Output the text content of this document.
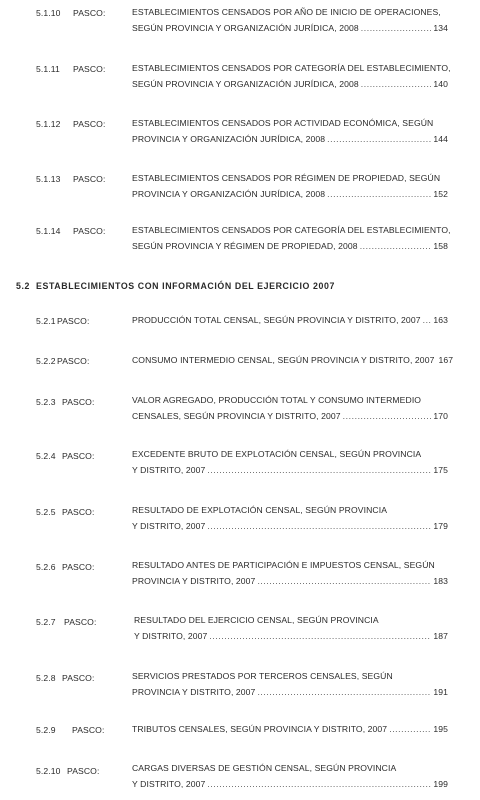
5.1.10 PASCO:	ESTABLECIMIENTOS CENSADOS POR AÑO DE INICIO DE OPERACIONES,
SEGÚN PROVINCIA Y ORGANIZACIÓN JURÍDICA, 2008 .....	134
5.1.11 PASCO:	ESTABLECIMIENTOS CENSADOS POR CATEGORÍA DEL ESTABLECIMIENTO,
SEGÚN PROVINCIA Y ORGANIZACIÓN JURÍDICA, 2008 .....	140
5.1.12 PASCO:	ESTABLECIMIENTOS CENSADOS POR ACTIVIDAD ECONÓMICA, SEGÚN
PROVINCIA Y ORGANIZACIÓN JURÍDICA, 2008 .....	144
5.1.13 PASCO:	ESTABLECIMIENTOS CENSADOS POR RÉGIMEN DE PROPIEDAD, SEGÚN
PROVINCIA Y ORGANIZACIÓN JURÍDICA, 2008 .....	152
5.1.14 PASCO:	ESTABLECIMIENTOS CENSADOS POR CATEGORÍA DEL ESTABLECIMIENTO,
SEGÚN PROVINCIA Y RÉGIMEN DE PROPIEDAD, 2008 .....	158
5.2 ESTABLECIMIENTOS CON INFORMACIÓN DEL EJERCICIO 2007
5.2.1 PASCO:	PRODUCCIÓN TOTAL CENSAL, SEGÚN PROVINCIA Y DISTRITO, 2007 ..... 163
5.2.2 PASCO:	CONSUMO INTERMEDIO CENSAL, SEGÚN PROVINCIA Y DISTRITO, 2007 167
5.2.3 PASCO:	VALOR AGREGADO, PRODUCCIÓN TOTAL Y CONSUMO INTERMEDIO
CENSALES, SEGÚN PROVINCIA Y DISTRITO, 2007 .....	170
5.2.4 PASCO:	EXCEDENTE BRUTO DE EXPLOTACIÓN CENSAL, SEGÚN PROVINCIA
Y DISTRITO, 2007 .....	175
5.2.5 PASCO:	RESULTADO DE EXPLOTACIÓN CENSAL, SEGÚN PROVINCIA
Y DISTRITO, 2007 .....	179
5.2.6 PASCO:	RESULTADO ANTES DE PARTICIPACIÓN E IMPUESTOS CENSAL, SEGÚN
PROVINCIA Y DISTRITO, 2007 .....	183
5.2.7 PASCO:	RESULTADO DEL EJERCICIO CENSAL, SEGÚN PROVINCIA
Y DISTRITO, 2007 .....	187
5.2.8 PASCO:	SERVICIOS PRESTADOS POR TERCEROS CENSALES, SEGÚN
PROVINCIA Y DISTRITO, 2007 .....	191
5.2.9 PASCO:	TRIBUTOS CENSALES, SEGÚN PROVINCIA Y DISTRITO, 2007 .....	195
5.2.10 PASCO:	CARGAS DIVERSAS DE GESTIÓN CENSAL, SEGÚN PROVINCIA
Y DISTRITO, 2007 .....	199
